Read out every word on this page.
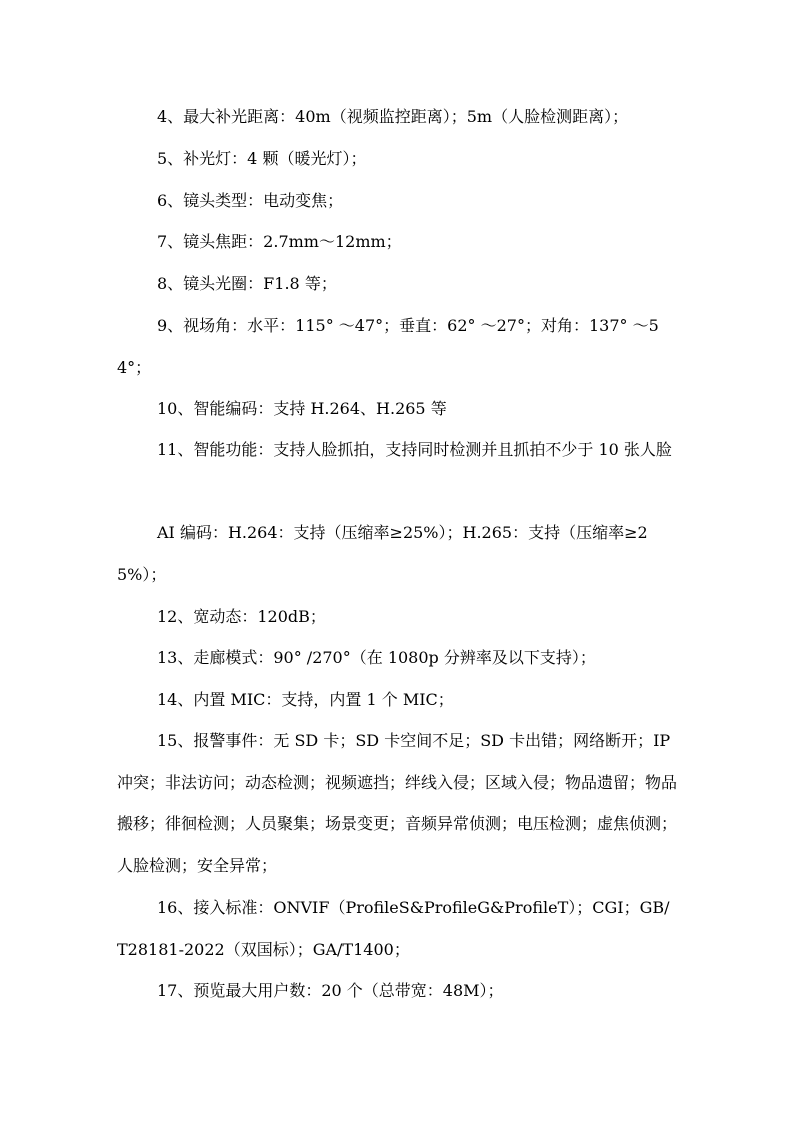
4、最大补光距离：40m（视频监控距离）；5m（人脸检测距离）；

5、补光灯：4 颗（暖光灯）；

6、镜头类型：电动变焦；

7、镜头焦距：2.7mm～12mm；

8、镜头光圈：F1.8 等；

9、视场角：水平：115° ～47°；垂直：62° ～27°；对角：137° ～54°；

10、智能编码：支持 H.264、H.265 等

11、智能功能：支持人脸抓拍，支持同时检测并且抓拍不少于 10 张人脸

AI 编码：H.264：支持（压缩率≥25%）；H.265：支持（压缩率≥25%）；

12、宽动态：120dB；

13、走廊模式：90° /270°（在 1080p 分辨率及以下支持）；

14、内置 MIC：支持，内置 1 个 MIC；

15、报警事件：无 SD 卡；SD 卡空间不足；SD 卡出错；网络断开；IP 冲突；非法访问；动态检测；视频遮挡；绊线入侵；区域入侵；物品遗留；物品搬移；徘徊检测；人员聚集；场景变更；音频异常侦测；电压检测；虚焦侦测；人脸检测；安全异常；

16、接入标准：ONVIF（ProfileS&ProfileG&ProfileT）；CGI；GB/T28181-2022（双国标）；GA/T1400；

17、预览最大用户数：20 个（总带宽：48M）；
